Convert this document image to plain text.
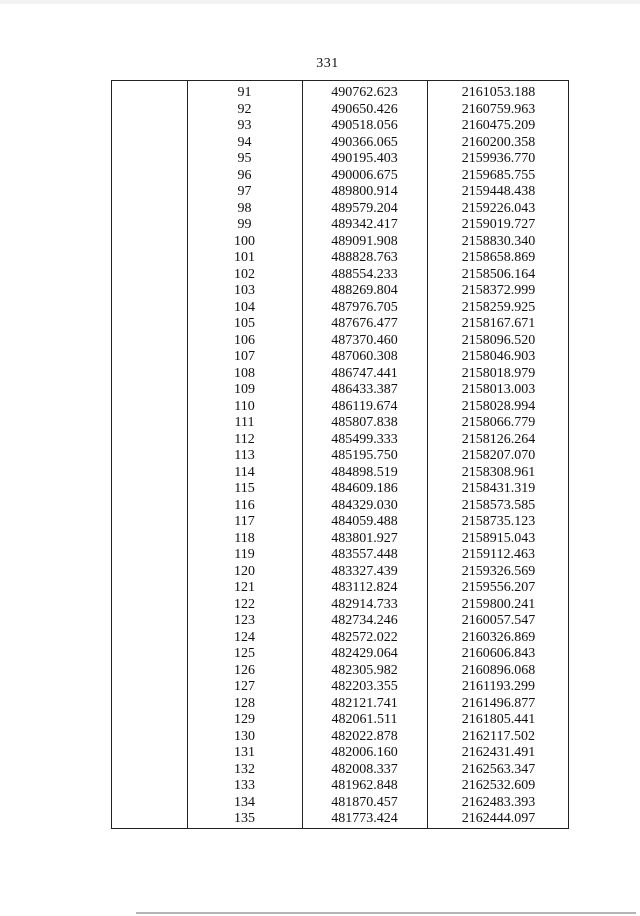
331
91	490762.623	2161053.188
92	490650.426	2160759.963
93	490518.056	2160475.209
94	490366.065	2160200.358
95	490195.403	2159936.770
96	490006.675	2159685.755
97	489800.914	2159448.438
98	489579.204	2159226.043
99	489342.417	2159019.727
100	489091.908	2158830.340
101	488828.763	2158658.869
102	488554.233	2158506.164
103	488269.804	2158372.999
104	487976.705	2158259.925
105	487676.477	2158167.671
106	487370.460	2158096.520
107	487060.308	2158046.903
108	486747.441	2158018.979
109	486433.387	2158013.003
110	486119.674	2158028.994
111	485807.838	2158066.779
112	485499.333	2158126.264
113	485195.750	2158207.070
114	484898.519	2158308.961
115	484609.186	2158431.319
116	484329.030	2158573.585
117	484059.488	2158735.123
118	483801.927	2158915.043
119	483557.448	2159112.463
120	483327.439	2159326.569
121	483112.824	2159556.207
122	482914.733	2159800.241
123	482734.246	2160057.547
124	482572.022	2160326.869
125	482429.064	2160606.843
126	482305.982	2160896.068
127	482203.355	2161193.299
128	482121.741	2161496.877
129	482061.511	2161805.441
130	482022.878	2162117.502
131	482006.160	2162431.491
132	482008.337	2162563.347
133	481962.848	2162532.609
134	481870.457	2162483.393
135	481773.424	2162444.097
